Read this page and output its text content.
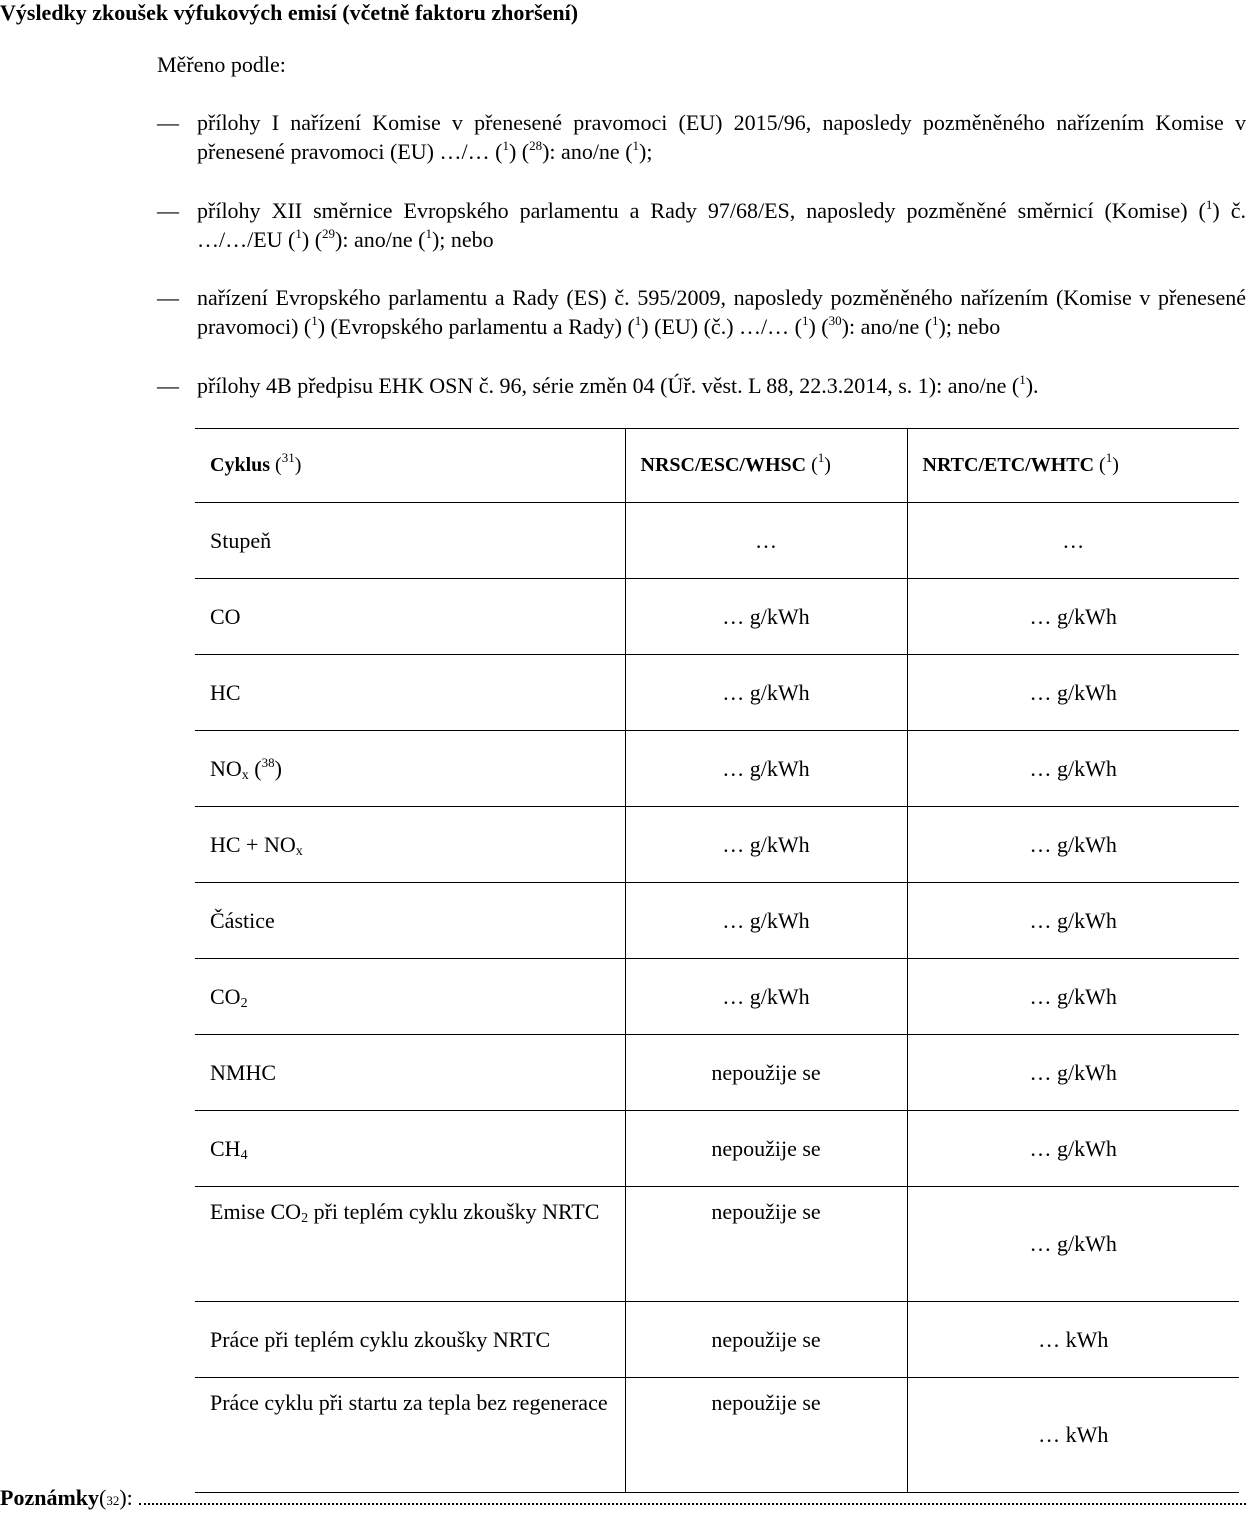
Výsledky zkoušek výfukových emisí (včetně faktoru zhoršení)
Měřeno podle:
— přílohy I nařízení Komise v přenesené pravomoci (EU) 2015/96, naposledy pozměněného nařízením Komise v přenesené pravomoci (EU) …/… ($^1$) ($^{28}$): ano/ne ($^1$);
— přílohy XII směrnice Evropského parlamentu a Rady 97/68/ES, naposledy pozměněné směrnicí (Komise) ($^1$) č. …/…/EU ($^1$) ($^{29}$): ano/ne ($^1$); nebo
— nařízení Evropského parlamentu a Rady (ES) č. 595/2009, naposledy pozměněného nařízením (Komise v přenesené pravomoci) ($^1$) (Evropského parlamentu a Rady) ($^1$) (EU) (č.) …/… ($^1$) ($^{30}$): ano/ne ($^1$); nebo
— přílohy 4B předpisu EHK OSN č. 96, série změn 04 (Úř. věst. L 88, 22.3.2014, s. 1): ano/ne ($^1$).
Cyklus ($^{31}$)	NRSC/ESC/WHSC ($^1$)	NRTC/ETC/WHTC ($^1$)
Stupeň	…	…
CO	… g/kWh	… g/kWh
HC	… g/kWh	… g/kWh
$NO_x$ ($^{38}$)	… g/kWh	… g/kWh
HC + $NO_x$	… g/kWh	… g/kWh
Částice	… g/kWh	… g/kWh
$CO_2$	… g/kWh	… g/kWh
NMHC	nepoužije se	… g/kWh
$CH_4$	nepoužije se	… g/kWh
Emise $CO_2$ při teplém cyklu zkoušky NRTC	nepoužije se	… g/kWh
Práce při teplém cyklu zkoušky NRTC	nepoužije se	… kWh
Práce cyklu při startu za tepla bez regenerace	nepoužije se	… kWh
Poznámky ( 32 ):
